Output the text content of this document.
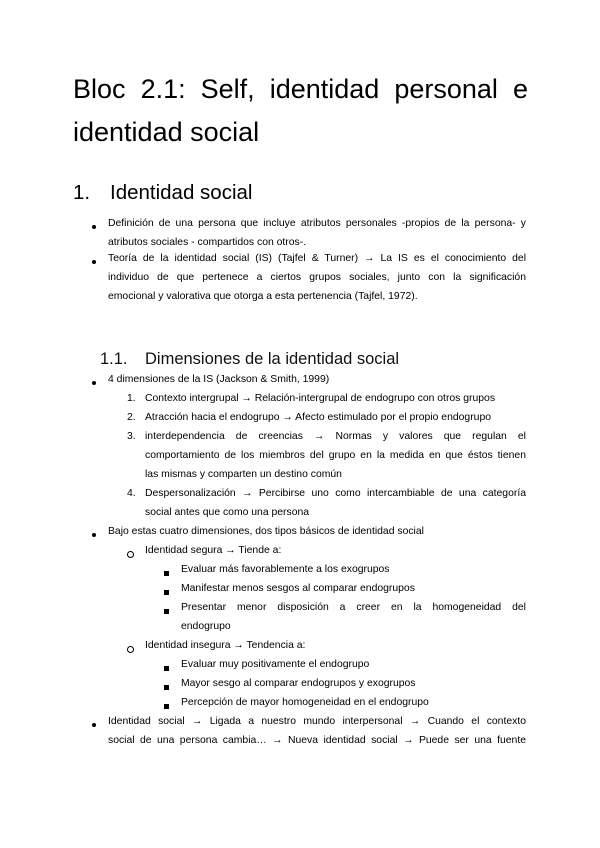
Bloc 2.1: Self, identidad personal e identidad social
1. Identidad social
Definición de una persona que incluye atributos personales -propios de la persona- y
atributos sociales - compartidos con otros-.
Teoría de la identidad social (IS) (Tajfel & Turner) → La IS es el conocimiento del
individuo de que pertenece a ciertos grupos sociales, junto con la significación
emocional y valorativa que otorga a esta pertenencia (Tajfel, 1972).
1.1. Dimensiones de la identidad social
4 dimensiones de la IS (Jackson & Smith, 1999)
1. Contexto intergrupal → Relación-intergrupal de endogrupo con otros grupos
2. Atracción hacia el endogrupo → Afecto estimulado por el propio endogrupo
3. interdependencia de creencias → Normas y valores que regulan el
comportamiento de los miembros del grupo en la medida en que éstos tienen
las mismas y comparten un destino común
4. Despersonalización → Percibirse uno como intercambiable de una categoría
social antes que como una persona
Bajo estas cuatro dimensiones, dos tipos básicos de identidad social
Identidad segura → Tiende a:
Evaluar más favorablemente a los exogrupos
Manifestar menos sesgos al comparar endogrupos
Presentar menor disposición a creer en la homogeneidad del
endogrupo
Identidad insegura → Tendencia a:
Evaluar muy positivamente el endogrupo
Mayor sesgo al comparar endogrupos y exogrupos
Percepción de mayor homogeneidad en el endogrupo
Identidad social → Ligada a nuestro mundo interpersonal → Cuando el contexto
social de una persona cambia… → Nueva identidad social → Puede ser una fuente
